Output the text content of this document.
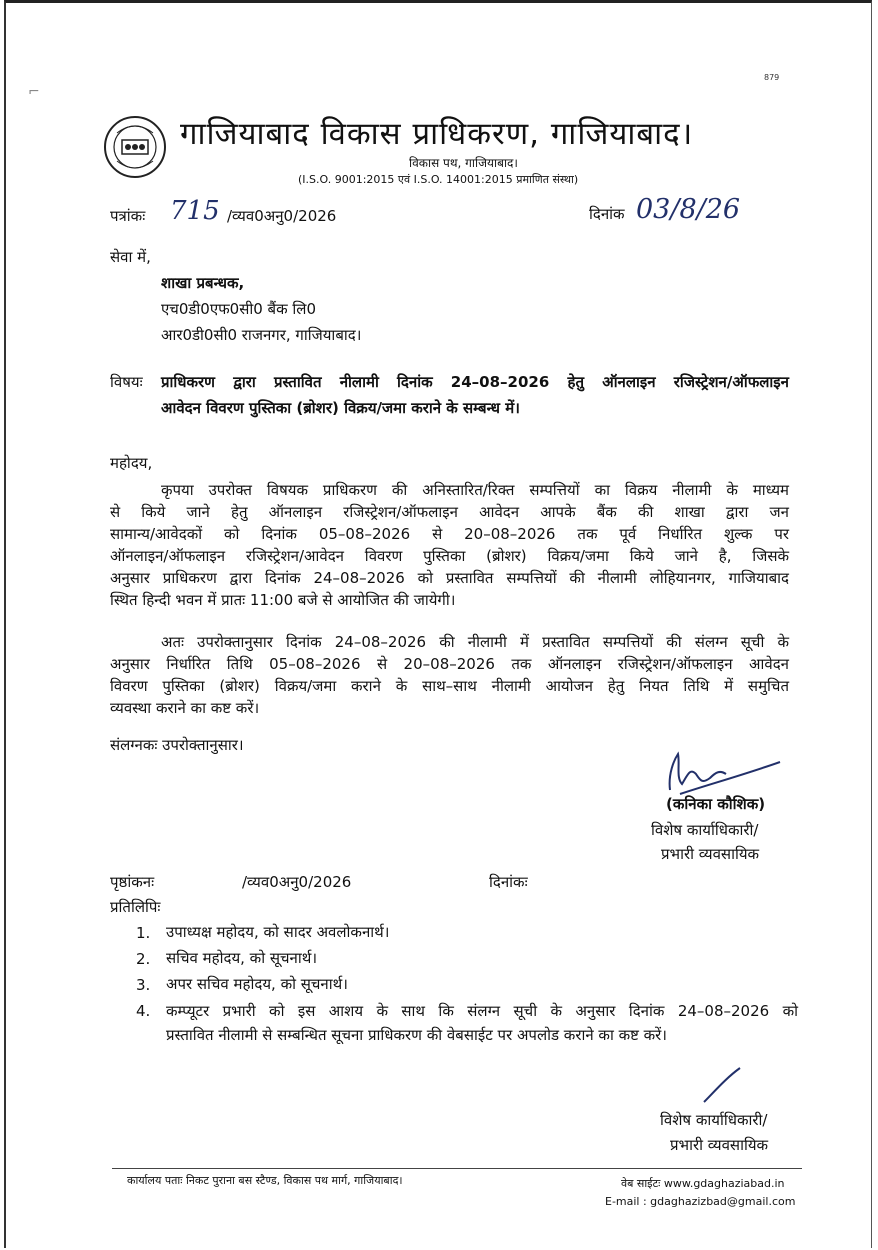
⌐
879
गाजियाबाद विकास प्राधिकरण, गाजियाबाद।
विकास पथ, गाजियाबाद।
(I.S.O. 9001:2015 एवं I.S.O. 14001:2015 प्रमाणित संस्था)
पत्रांकः 715 /व्यव0अनु0/2026	दिनांक 03/8/26
सेवा में,
शाखा प्रबन्धक,
एच0डी0एफ0सी0 बैंक लि0
आर0डी0सी0 राजनगर, गाजियाबाद।
विषयः प्राधिकरण द्वारा प्रस्तावित नीलामी दिनांक 24–08–2026 हेतु ऑनलाइन रजिस्ट्रेशन/ऑफलाइन
आवेदन विवरण पुस्तिका (ब्रोशर) विक्रय/जमा कराने के सम्बन्ध में।
महोदय,
कृपया उपरोक्त विषयक प्राधिकरण की अनिस्तारित/रिक्त सम्पत्तियों का विक्रय नीलामी के माध्यम
से किये जाने हेतु ऑनलाइन रजिस्ट्रेशन/ऑफलाइन आवेदन आपके बैंक की शाखा द्वारा जन
सामान्य/आवेदकों को दिनांक 05–08–2026 से 20–08–2026 तक पूर्व निर्धारित शुल्क पर
ऑनलाइन/ऑफलाइन रजिस्ट्रेशन/आवेदन विवरण पुस्तिका (ब्रोशर) विक्रय/जमा किये जाने है, जिसके
अनुसार प्राधिकरण द्वारा दिनांक 24–08–2026 को प्रस्तावित सम्पत्तियों की नीलामी लोहियानगर, गाजियाबाद
स्थित हिन्दी भवन में प्रातः 11:00 बजे से आयोजित की जायेगी।
अतः उपरोक्तानुसार दिनांक 24–08–2026 की नीलामी में प्रस्तावित सम्पत्तियों की संलग्न सूची के
अनुसार निर्धारित तिथि 05–08–2026 से 20–08–2026 तक ऑनलाइन रजिस्ट्रेशन/ऑफलाइन आवेदन
विवरण पुस्तिका (ब्रोशर) विक्रय/जमा कराने के साथ–साथ नीलामी आयोजन हेतु नियत तिथि में समुचित
व्यवस्था कराने का कष्ट करें।
संलग्नकः उपरोक्तानुसार।
(कनिका कौशिक)
विशेष कार्याधिकारी/
प्रभारी व्यवसायिक
पृष्ठांकनः	/व्यव0अनु0/2026	दिनांकः
प्रतिलिपिः
1. उपाध्यक्ष महोदय, को सादर अवलोकनार्थ।
2. सचिव महोदय, को सूचनार्थ।
3. अपर सचिव महोदय, को सूचनार्थ।
4. कम्प्यूटर प्रभारी को इस आशय के साथ कि संलग्न सूची के अनुसार दिनांक 24–08–2026 को
प्रस्तावित नीलामी से सम्बन्धित सूचना प्राधिकरण की वेबसाईट पर अपलोड कराने का कष्ट करें।
विशेष कार्याधिकारी/
प्रभारी व्यवसायिक
कार्यालय पताः निकट पुराना बस स्टैण्ड, विकास पथ मार्ग, गाजियाबाद।	वेब साईटः www.gdaghaziabad.in
E-mail : gdaghazizbad@gmail.com
